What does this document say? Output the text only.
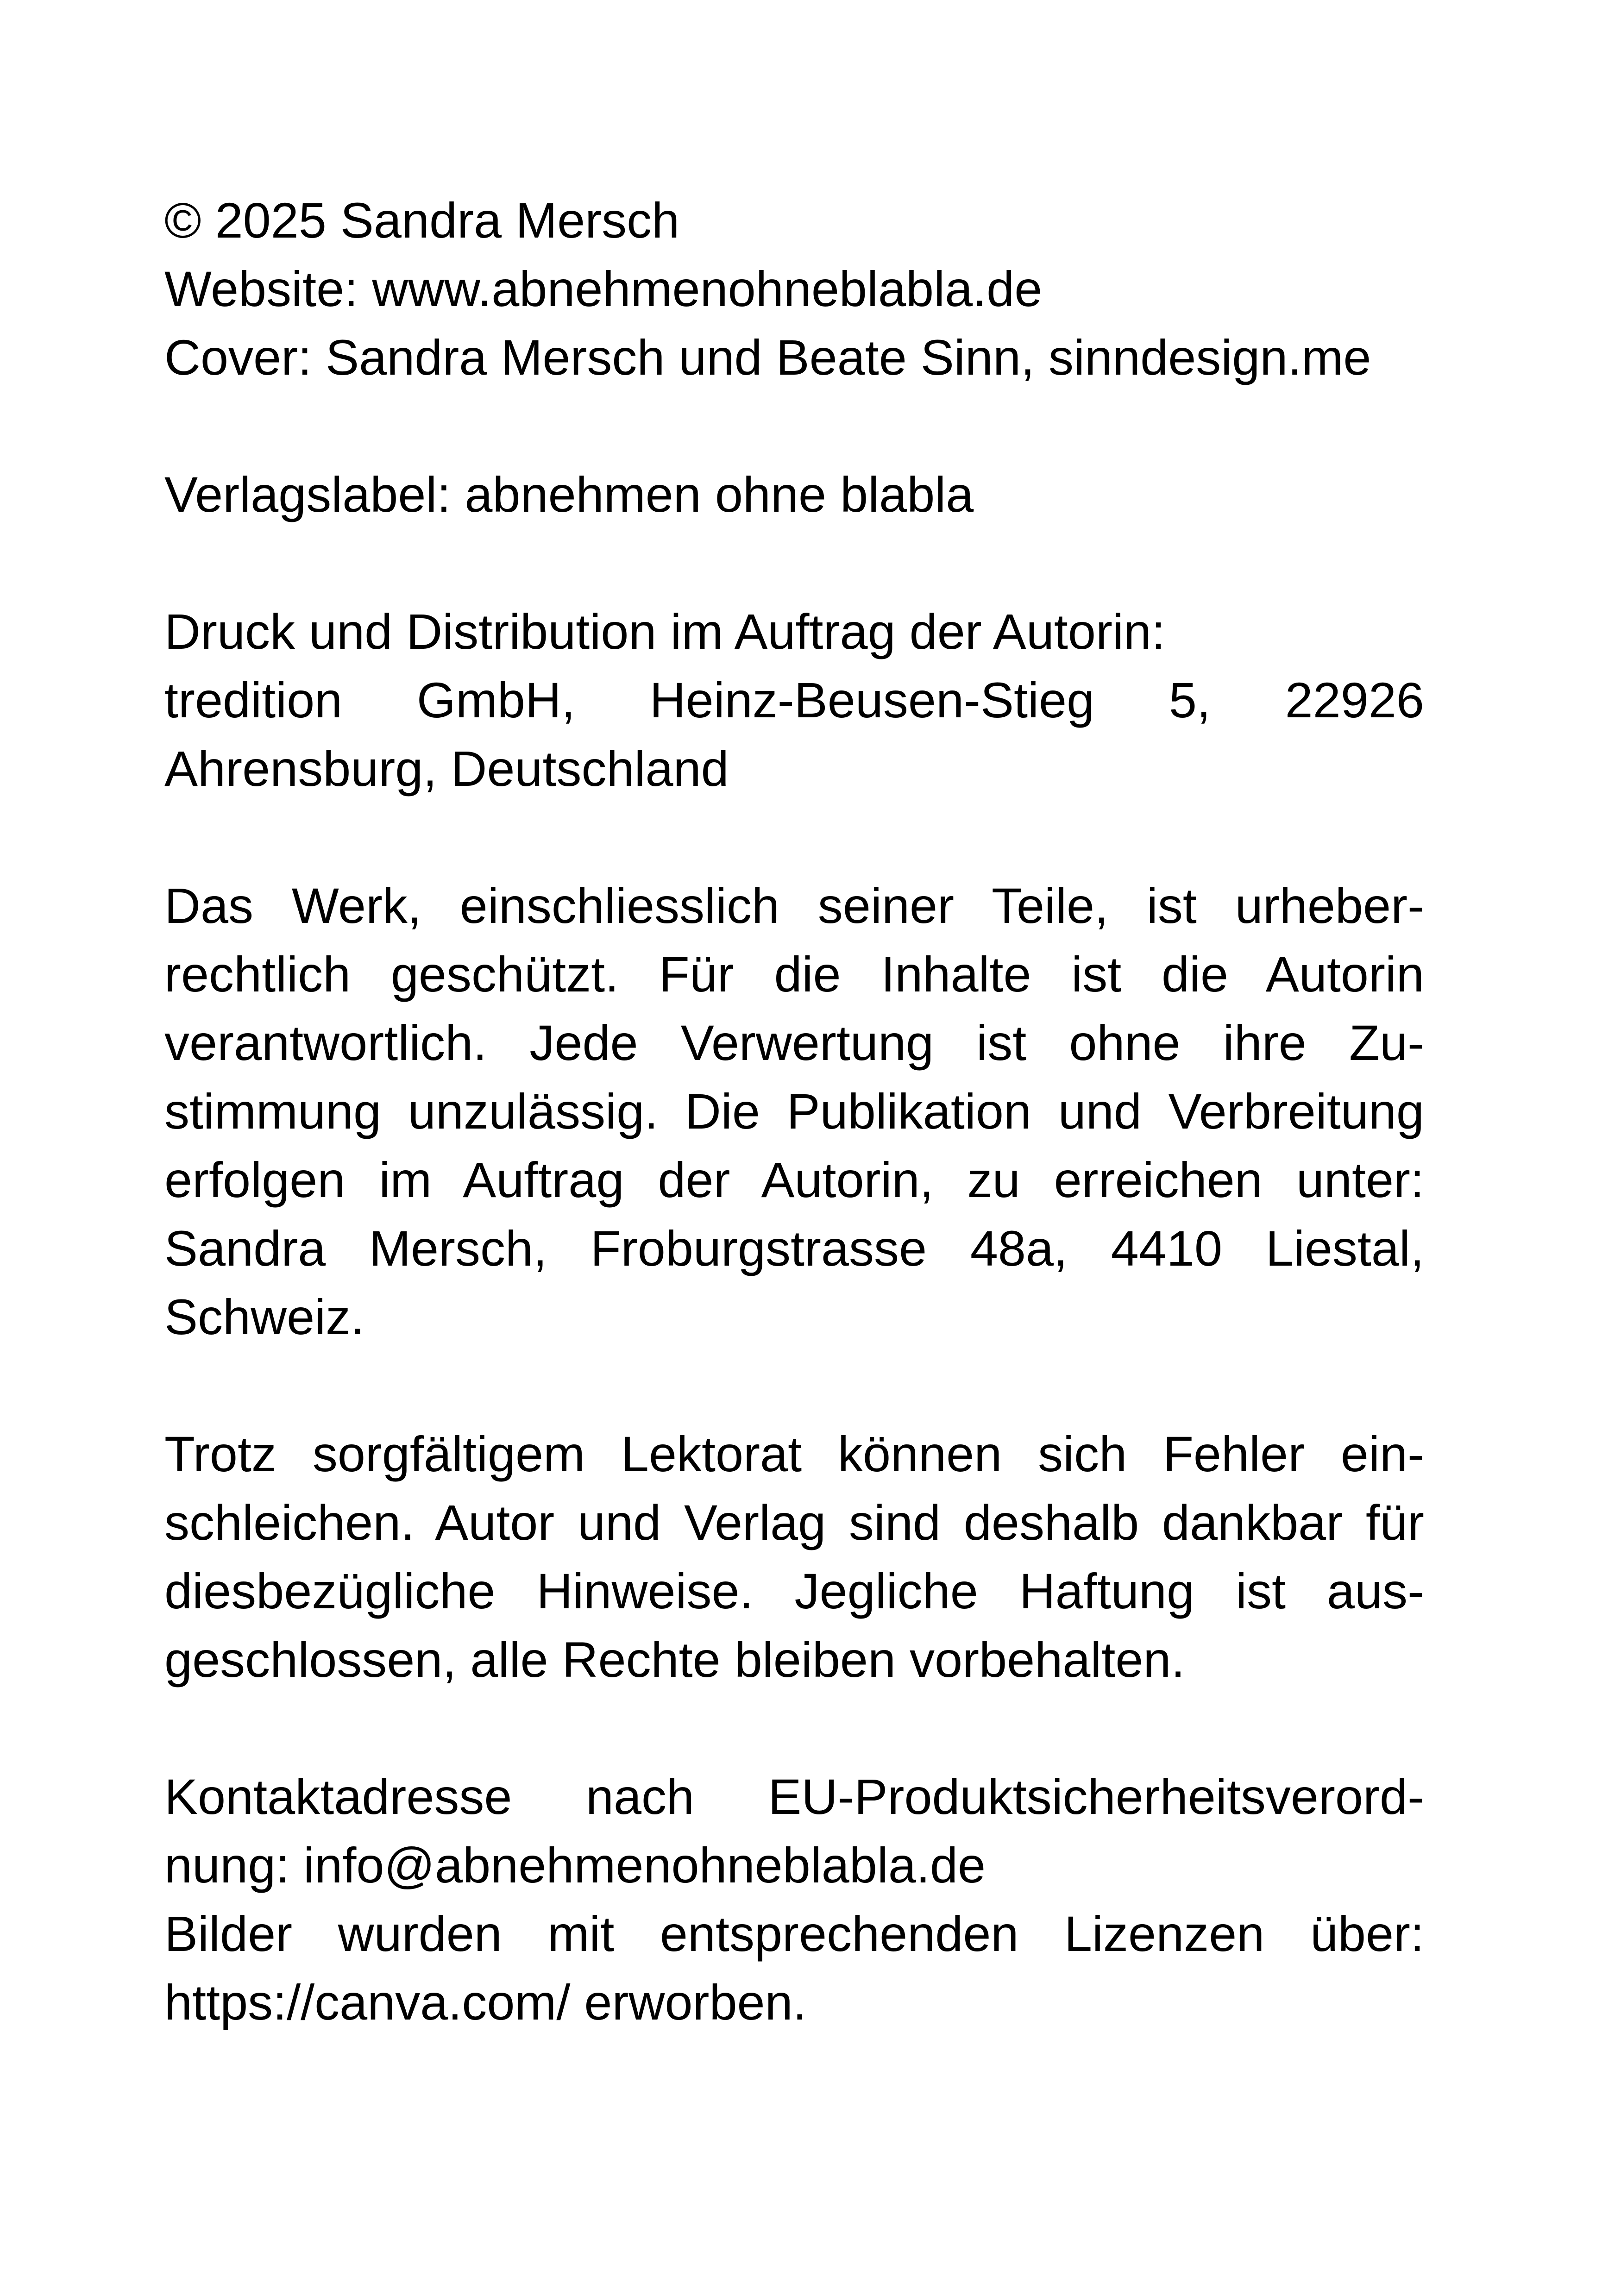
© 2025 Sandra Mersch
Website: www.abnehmenohneblabla.de
Cover: Sandra Mersch und Beate Sinn, sinndesign.me
Verlagslabel: abnehmen ohne blabla
Druck und Distribution im Auftrag der Autorin:
tredition GmbH, Heinz-Beusen-Stieg 5, 22926
Ahrensburg, Deutschland
Das Werk, einschliesslich seiner Teile, ist urheber-
rechtlich geschützt. Für die Inhalte ist die Autorin
verantwortlich. Jede Verwertung ist ohne ihre Zu-
stimmung unzulässig. Die Publikation und Verbreitung
erfolgen im Auftrag der Autorin, zu erreichen unter:
Sandra Mersch, Froburgstrasse 48a, 4410 Liestal,
Schweiz.
Trotz sorgfältigem Lektorat können sich Fehler ein-
schleichen. Autor und Verlag sind deshalb dankbar für
diesbezügliche Hinweise. Jegliche Haftung ist aus-
geschlossen, alle Rechte bleiben vorbehalten.
Kontaktadresse nach EU-Produktsicherheitsverord-
nung: info@abnehmenohneblabla.de
Bilder wurden mit entsprechenden Lizenzen über:
https://canva.com/ erworben.
